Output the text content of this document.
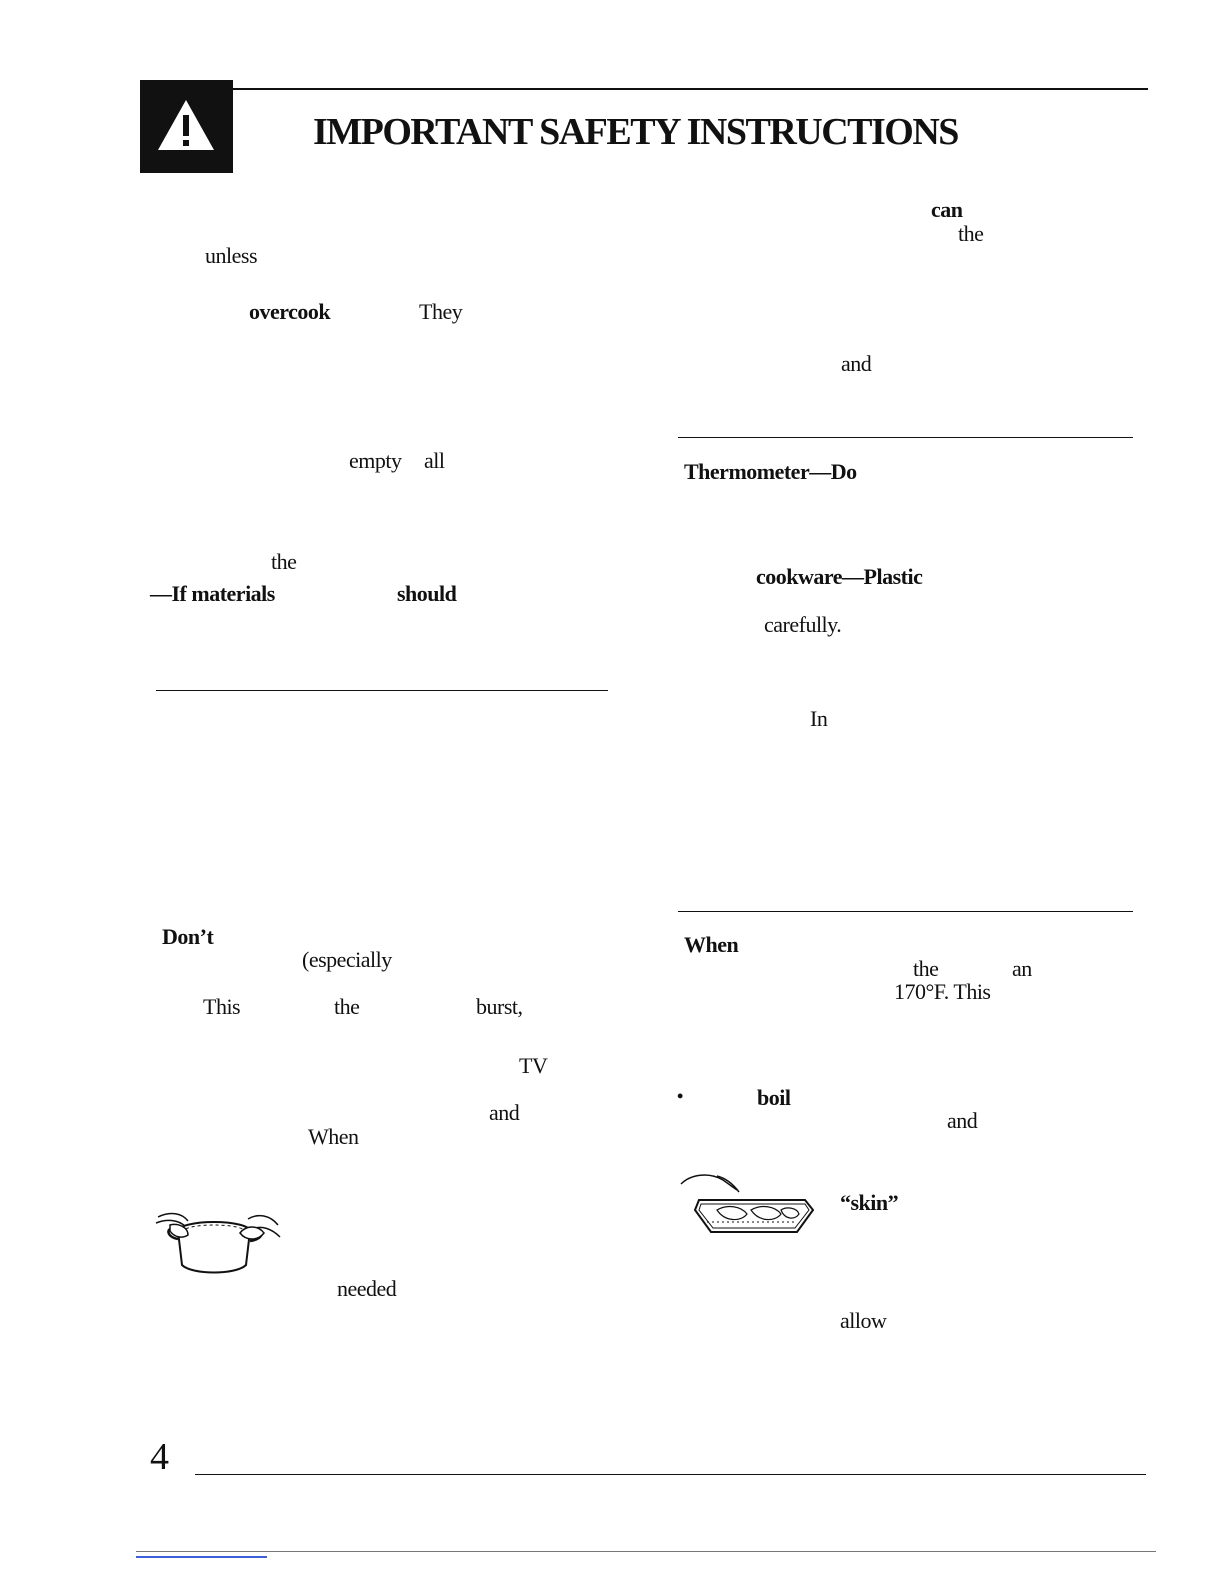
IMPORTANT SAFETY INSTRUCTIONS
unless
overcook	They
empty all
the
—If materials	should
Don’t
(especially
This	the	burst,
TV
and
When
needed
can
the
and
Thermometer—Do
cookware—Plastic
carefully.
In
When
the	an
170°F. This
•	boil
and
“skin”
allow
4
